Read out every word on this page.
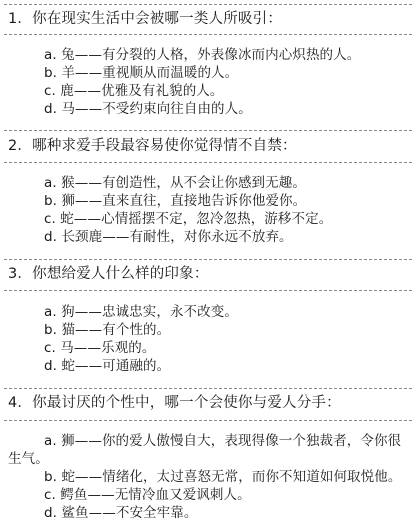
1．你在现实生活中会被哪一类人所吸引：
a. 兔——有分裂的人格，外表像冰而内心炽热的人。
b. 羊——重视顺从而温暖的人。
c. 鹿——优雅及有礼貌的人。
d. 马——不受约束向往自由的人。
2．哪种求爱手段最容易使你觉得情不自禁：
a. 猴——有创造性，从不会让你感到无趣。
b. 狮——直来直往，直接地告诉你他爱你。
c. 蛇——心情摇摆不定，忽冷忽热，游移不定。
d. 长颈鹿——有耐性，对你永远不放弃。
3．你想给爱人什么样的印象：
a. 狗——忠诚忠实，永不改变。
b. 猫——有个性的。
c. 马——乐观的。
d. 蛇——可通融的。
4．你最讨厌的个性中，哪一个会使你与爱人分手：
a. 狮——你的爱人傲慢自大，表现得像一个独裁者，令你很生气。
b. 蛇——情绪化，太过喜怒无常，而你不知道如何取悦他。
c. 鳄鱼——无情冷血又爱讽刺人。
d. 鲨鱼——不安全牢靠。
